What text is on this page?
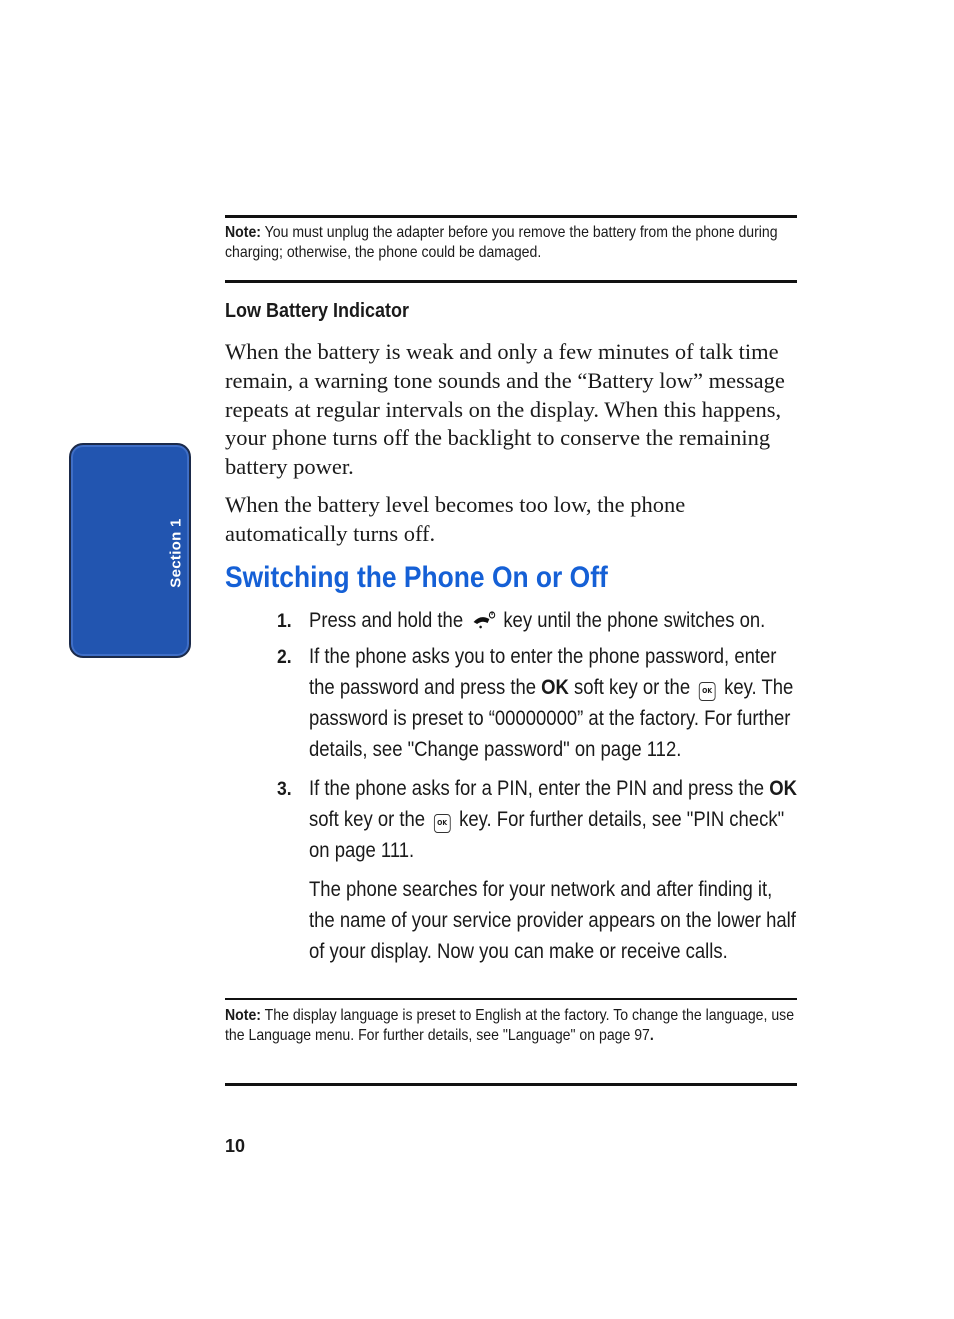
Section 1
Note: You must unplug the adapter before you remove the battery from the phone during charging; otherwise, the phone could be damaged.
Low Battery Indicator

When the battery is weak and only a few minutes of talk time remain, a warning tone sounds and the “Battery low” message repeats at regular intervals on the display. When this happens, your phone turns off the backlight to conserve the remaining battery power.

When the battery level becomes too low, the phone automatically turns off.

Switching the Phone On or Off
1. Press and hold the key until the phone switches on.

2. If the phone asks you to enter the phone password, enter the password and press the OK soft key or the OK key. The password is preset to “00000000” at the factory. For further details, see "Change password" on page 112.

3. If the phone asks for a PIN, enter the PIN and press the OK soft key or the OK key. For further details, see "PIN check" on page 111.

The phone searches for your network and after finding it, the name of your service provider appears on the lower half of your display. Now you can make or receive calls.

Note: The display language is preset to English at the factory. To change the language, use the Language menu. For further details, see "Language" on page 97.
10
